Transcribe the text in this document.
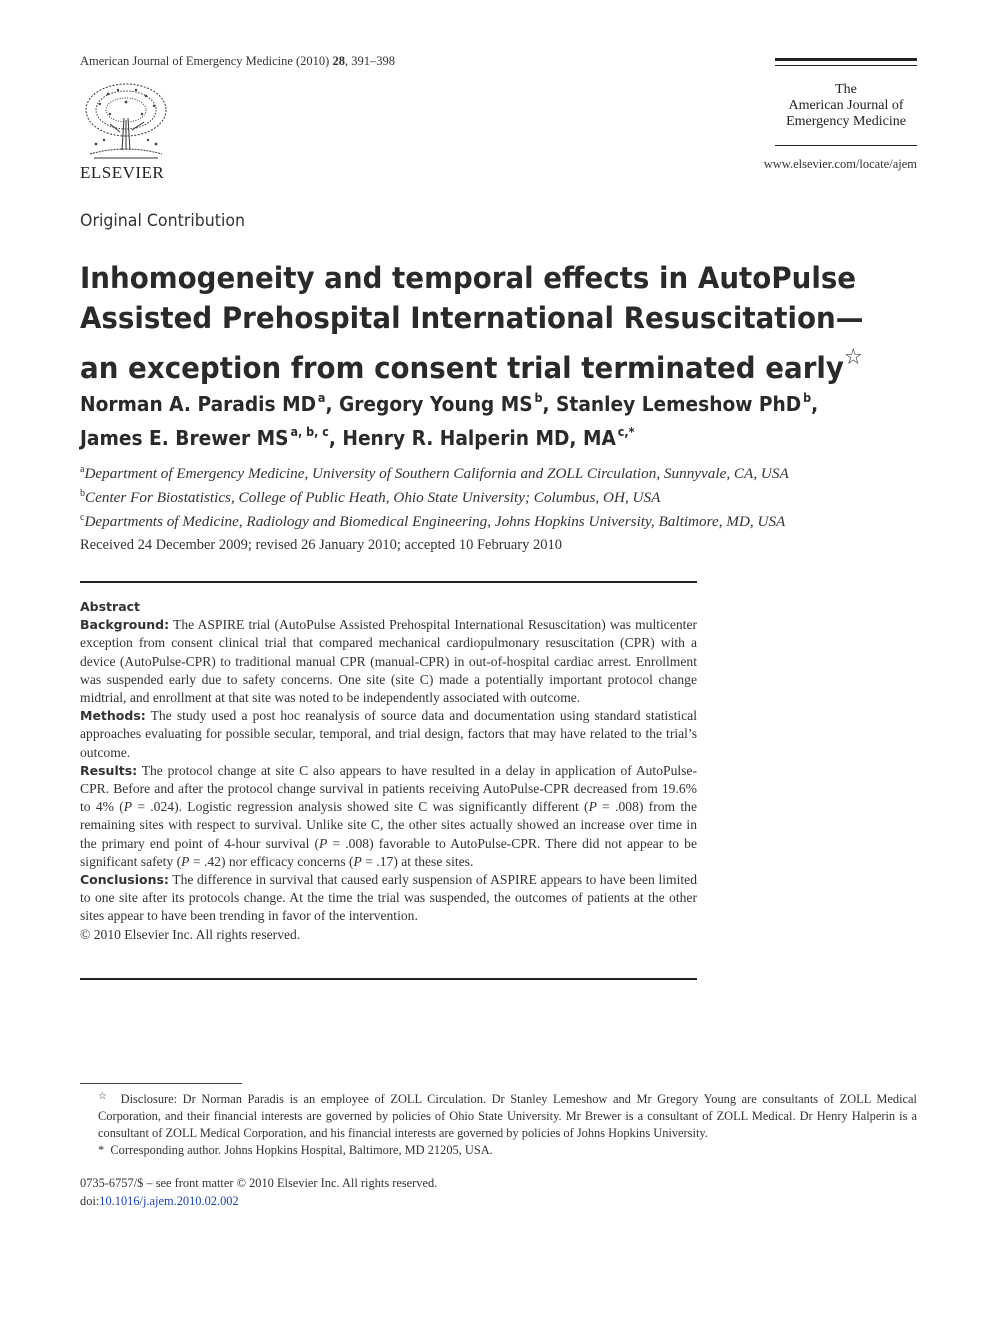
American Journal of Emergency Medicine (2010) 28, 391–398
ELSEVIER
The
American Journal of
Emergency Medicine
www.elsevier.com/locate/ajem
Original Contribution
Inhomogeneity and temporal effects in AutoPulse Assisted Prehospital International Resuscitation—an exception from consent trial terminated early☆
Norman A. Paradis MD $^a$, Gregory Young MS $^b$, Stanley Lemeshow PhD $^b$,
James E. Brewer MS $^{a, b, c}$, Henry R. Halperin MD, MA $^{c,*}$
$^a$Department of Emergency Medicine, University of Southern California and ZOLL Circulation, Sunnyvale, CA, USA
$^b$Center For Biostatistics, College of Public Heath, Ohio State University; Columbus, OH, USA
$^c$Departments of Medicine, Radiology and Biomedical Engineering, Johns Hopkins University, Baltimore, MD, USA
Received 24 December 2009; revised 26 January 2010; accepted 10 February 2010

Abstract

Background: The ASPIRE trial (AutoPulse Assisted Prehospital International Resuscitation) was multicenter exception from consent clinical trial that compared mechanical cardiopulmonary resuscitation (CPR) with a device (AutoPulse-CPR) to traditional manual CPR (manual-CPR) in out-of-hospital cardiac arrest. Enrollment was suspended early due to safety concerns. One site (site C) made a potentially important protocol change midtrial, and enrollment at that site was noted to be independently associated with outcome.

Methods: The study used a post hoc reanalysis of source data and documentation using standard statistical approaches evaluating for possible secular, temporal, and trial design, factors that may have related to the trial’s outcome.

Results: The protocol change at site C also appears to have resulted in a delay in application of AutoPulse-CPR. Before and after the protocol change survival in patients receiving AutoPulse-CPR decreased from 19.6% to 4% (P = .024). Logistic regression analysis showed site C was significantly different (P = .008) from the remaining sites with respect to survival. Unlike site C, the other sites actually showed an increase over time in the primary end point of 4-hour survival (P = .008) favorable to AutoPulse-CPR. There did not appear to be significant safety (P = .42) nor efficacy concerns (P = .17) at these sites.

Conclusions: The difference in survival that caused early suspension of ASPIRE appears to have been limited to one site after its protocols change. At the time the trial was suspended, the outcomes of patients at the other sites appear to have been trending in favor of the intervention.

© 2010 Elsevier Inc. All rights reserved.

☆ Disclosure: Dr Norman Paradis is an employee of ZOLL Circulation. Dr Stanley Lemeshow and Mr Gregory Young are consultants of ZOLL Medical Corporation, and their financial interests are governed by policies of Ohio State University. Mr Brewer is a consultant of ZOLL Medical. Dr Henry Halperin is a consultant of ZOLL Medical Corporation, and his financial interests are governed by policies of Johns Hopkins University.

* Corresponding author. Johns Hopkins Hospital, Baltimore, MD 21205, USA.

0735-6757/$ – see front matter © 2010 Elsevier Inc. All rights reserved.
doi:10.1016/j.ajem.2010.02.002
